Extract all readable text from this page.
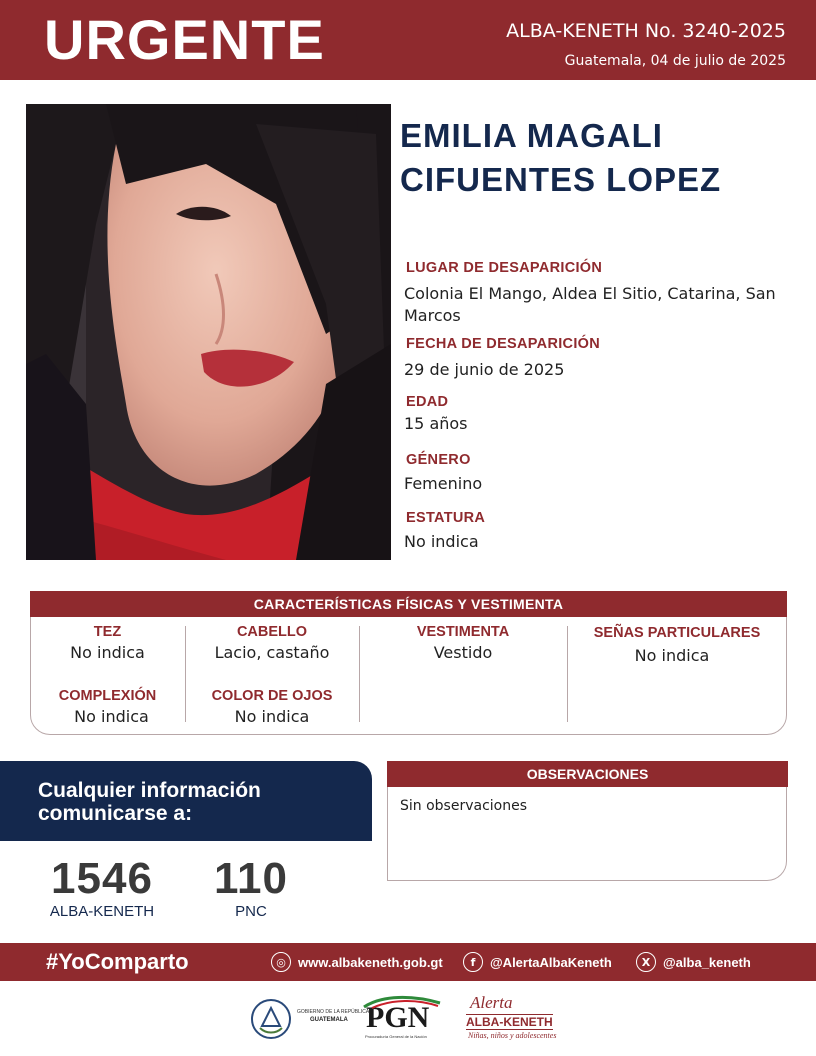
URGENTE	ALBA-KENETH No. 3240-2025
Guatemala, 04 de julio de 2025
EMILIA MAGALI
CIFUENTES LOPEZ
LUGAR DE DESAPARICIÓN
Colonia El Mango, Aldea El Sitio, Catarina, San Marcos
FECHA DE DESAPARICIÓN
29 de junio de 2025
EDAD
15 años
GÉNERO
Femenino
ESTATURA
No indica
CARACTERÍSTICAS FÍSICAS Y VESTIMENTA
TEZ
No indica
CABELLO
Lacio, castaño
VESTIMENTA
Vestido
SEÑAS PARTICULARES
No indica
COMPLEXIÓN
No indica
COLOR DE OJOS
No indica
Cualquier información
comunicarse a:
1546
ALBA-KENETH
110
PNC
OBSERVACIONES
Sin observaciones
#YoComparto	◎ www.albakeneth.gob.gt	f	@AlertaAlbaKeneth	X @alba_keneth
GOBIERNO DE LA REPÚBLICA
GUATEMALA PGN
Procuraduría General de la Nación
Alerta
ALBA-KENETH
Niñas, niños y adolescentes
